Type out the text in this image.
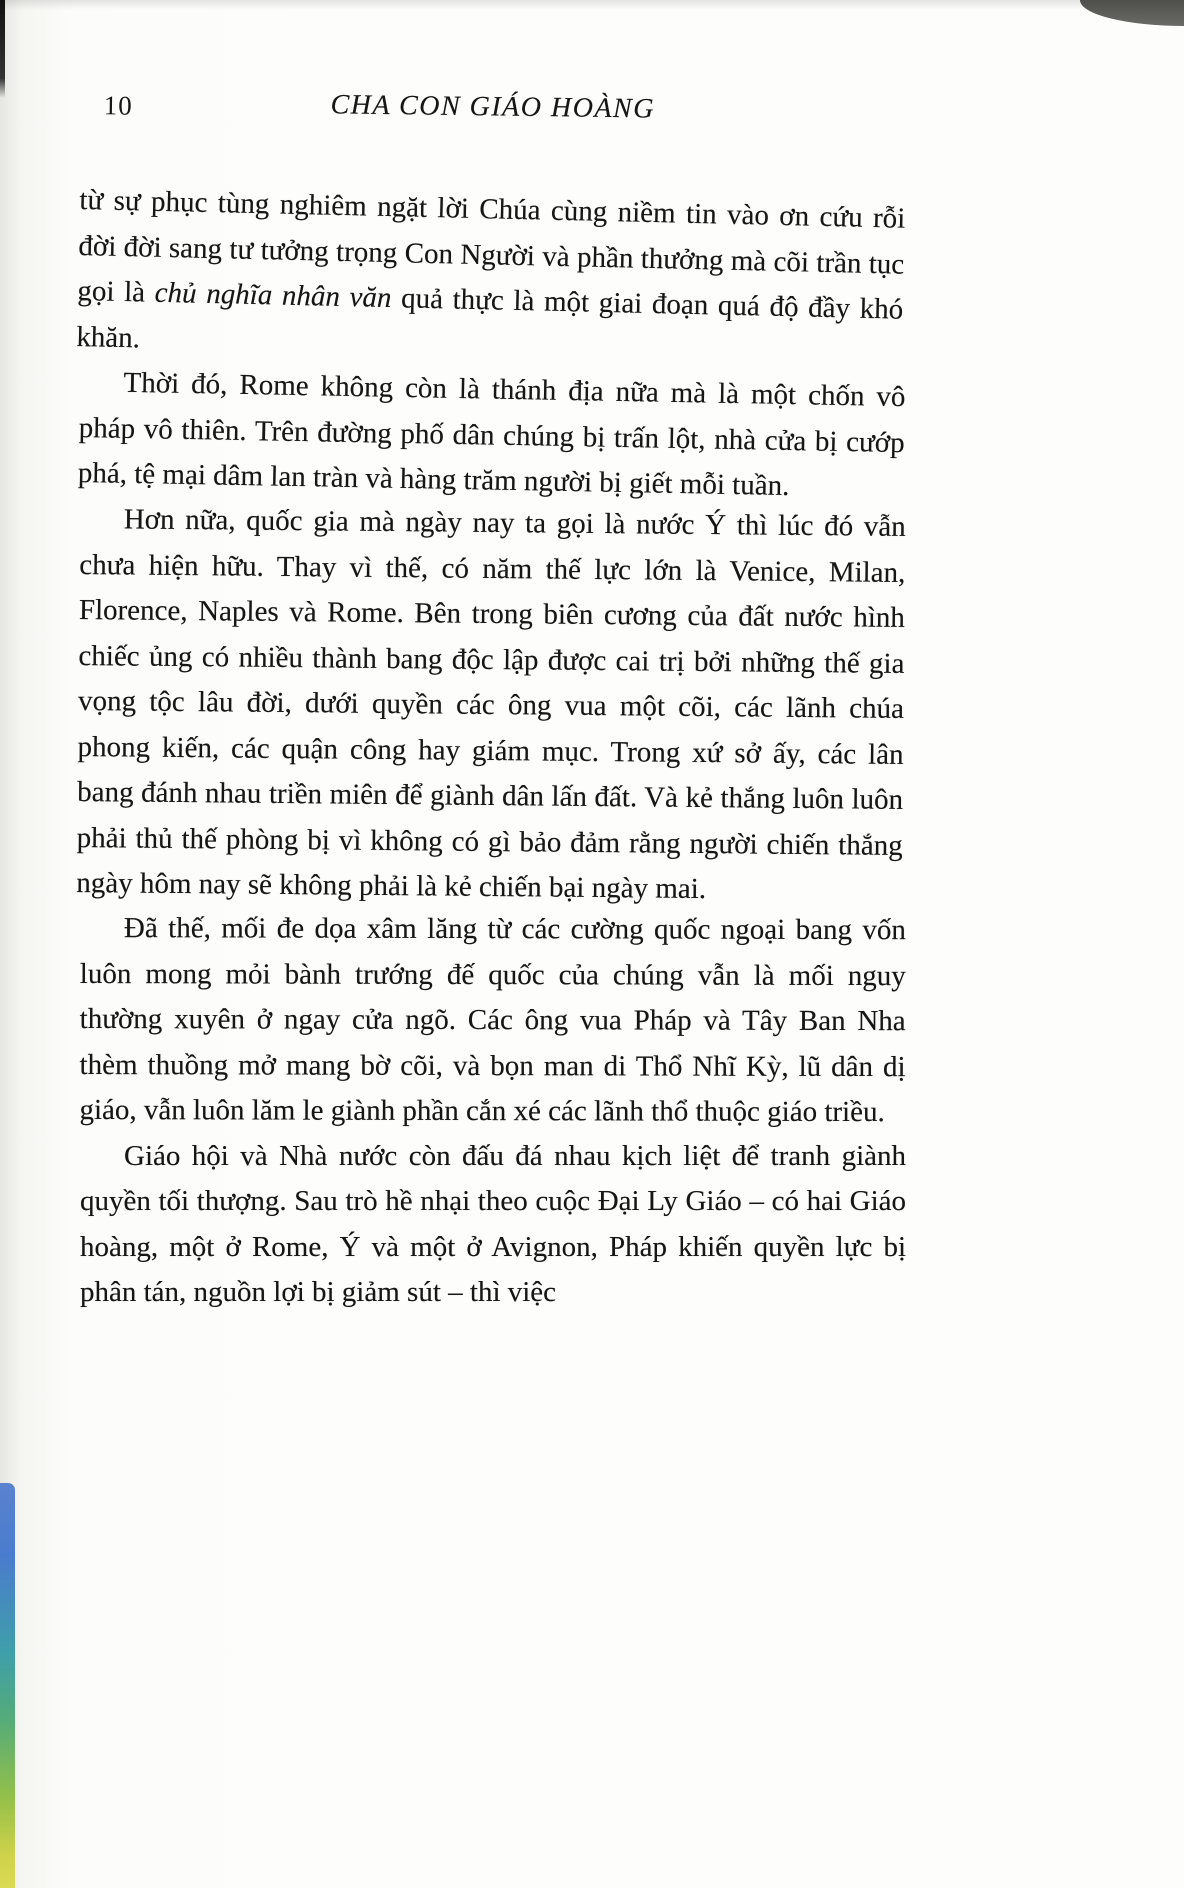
10	CHA CON GIÁO HOÀNG

từ sự phục tùng nghiêm ngặt lời Chúa cùng niềm tin vào ơn cứu rỗi đời đời sang tư tưởng trọng Con Người và phần thưởng mà cõi trần tục gọi là chủ nghĩa nhân văn quả thực là một giai đoạn quá độ đầy khó khăn.

Thời đó, Rome không còn là thánh địa nữa mà là một chốn vô pháp vô thiên. Trên đường phố dân chúng bị trấn lột, nhà cửa bị cướp phá, tệ mại dâm lan tràn và hàng trăm người bị giết mỗi tuần.

Hơn nữa, quốc gia mà ngày nay ta gọi là nước Ý thì lúc đó vẫn chưa hiện hữu. Thay vì thế, có năm thế lực lớn là Venice, Milan, Florence, Naples và Rome. Bên trong biên cương của đất nước hình chiếc ủng có nhiều thành bang độc lập được cai trị bởi những thế gia vọng tộc lâu đời, dưới quyền các ông vua một cõi, các lãnh chúa phong kiến, các quận công hay giám mục. Trong xứ sở ấy, các lân bang đánh nhau triền miên để giành dân lấn đất. Và kẻ thắng luôn luôn phải thủ thế phòng bị vì không có gì bảo đảm rằng người chiến thắng ngày hôm nay sẽ không phải là kẻ chiến bại ngày mai.

Đã thế, mối đe dọa xâm lăng từ các cường quốc ngoại bang vốn luôn mong mỏi bành trướng đế quốc của chúng vẫn là mối nguy thường xuyên ở ngay cửa ngõ. Các ông vua Pháp và Tây Ban Nha thèm thuồng mở mang bờ cõi, và bọn man di Thổ Nhĩ Kỳ, lũ dân dị giáo, vẫn luôn lăm le giành phần cắn xé các lãnh thổ thuộc giáo triều.

Giáo hội và Nhà nước còn đấu đá nhau kịch liệt để tranh giành quyền tối thượng. Sau trò hề nhại theo cuộc Đại Ly Giáo – có hai Giáo hoàng, một ở Rome, Ý và một ở Avignon, Pháp khiến quyền lực bị phân tán, nguồn lợi bị giảm sút – thì việc
